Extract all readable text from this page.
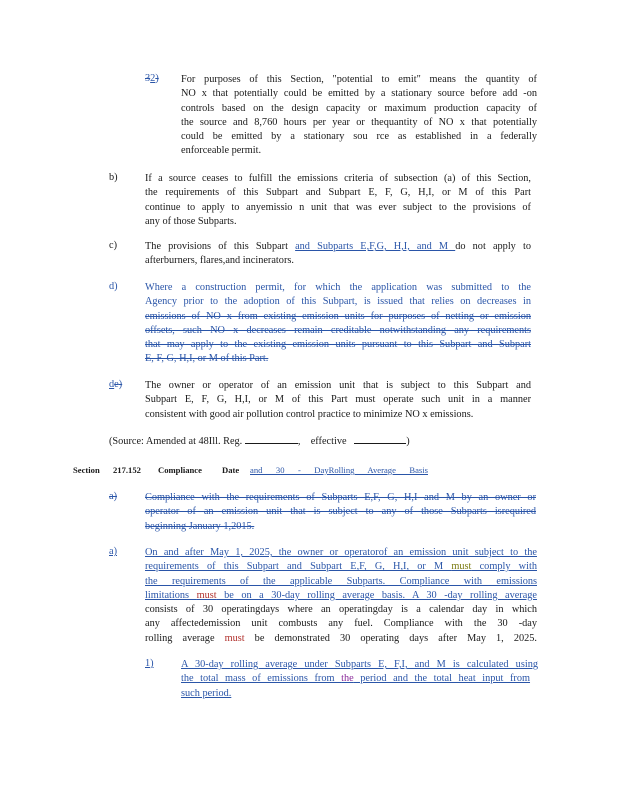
32) For purposes of this Section, "potential to emit" means the quantity of
NO x that potentially could be emitted by a stationary source before add -on
controls based on the design capacity or maximum production capacity of
the source and 8,760 hours per year or thequantity of NO x that potentially
could be emitted by a stationary sou rce as established in a federally
enforceable permit.
b)	If a source ceases to fulfill the emissions criteria of subsection (a) of this Section,
the requirements of this Subpart and Subpart E, F, G, H,I, or M of this Part
continue to apply to anyemissio n unit that was ever subject to the provisions of
any of those Subparts.
c)	The provisions of this Subpart and Subparts E,F,G, H,I, and M do not apply to
afterburners, flares,and incinerators.
d)	Where a construction permit, for which the application was submitted to the
Agency prior to the adoption of this Subpart, is issued that relies on decreases in
emissions of NO x from existing emission units for purposes of netting or emission
offsets, such NO x decreases remain creditable notwithstanding any requirements
that may apply to the existing emission units pursuant to this Subpart and Subpart
E, F, G, H,I, or M of this Part.
de) The owner or operator of an emission unit that is subject to this Subpart and
Subpart E, F, G, H,I, or M of this Part must operate such unit in a manner
consistent with good air pollution control practice to minimize NO x emissions.
(Source: Amended at 48Ill. Reg.	, effective	)
Section 217.152 Compliance Date and 30 - DayRolling Average Basis
a)	Compliance with the requirements of Subparts E,F, G, H,I and M by an owner or
operator of an emission unit that is subject to any of those Subparts isrequired
beginning January 1,2015.
a)	On and after May 1, 2025, the owner or operatorof an emission unit subject to the
requirements of this Subpart and Subpart E,F, G, H,I, or M must comply with
the requirements of the applicable Subparts. Compliance with emissions
limitations must be on a 30-day rolling average basis. A 30 -day rolling average
consists of 30 operatingdays where an operatingday is a calendar day in which
any affectedemission unit combusts any fuel. Compliance with the 30 -day
rolling average must be demonstrated 30 operating days after May 1, 2025.
1)	A 30-day rolling average under Subparts E, F,I, and M is calculated using
the total mass of emissions from the period and the total heat input from
such period.
